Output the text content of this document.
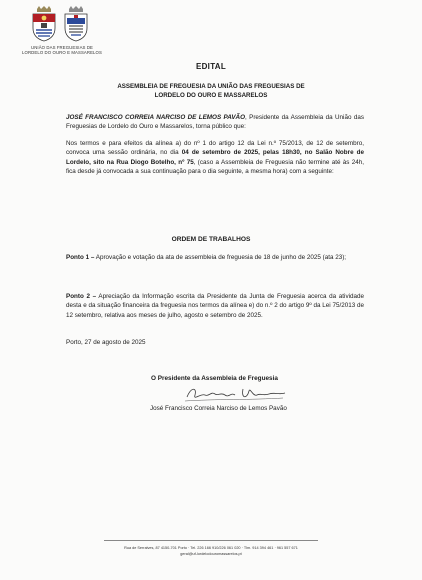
UNIÃO DAS FREGUESIAS DE
LORDELO DO OURO E MASSARELOS
EDITAL
ASSEMBLEIA DE FREGUESIA DA UNIÃO DAS FREGUESIAS DE
LORDELO DO OURO E MASSARELOS
JOSÉ FRANCISCO CORREIA NARCISO DE LEMOS PAVÃO, Presidente da Assembleia da União das Freguesias de Lordelo do Ouro e Massarelos, torna público que:
Nos termos e para efeitos da alínea a) do nº 1 do artigo 12 da Lei n.º 75/2013, de 12 de setembro, convoca uma sessão ordinária, no dia 04 de setembro de 2025, pelas 18h30, no Salão Nobre de Lordelo, sito na Rua Diogo Botelho, nº 75, (caso a Assembleia de Freguesia não termine até às 24h, fica desde já convocada a sua continuação para o dia seguinte, a mesma hora) com a seguinte:
ORDEM DE TRABALHOS
Ponto 1 – Aprovação e votação da ata de assembleia de freguesia de 18 de junho de 2025 (ata 23);
Ponto 2 – Apreciação da Informação escrita da Presidente da Junta de Freguesia acerca da atividade desta e da situação financeira da freguesia nos termos da alínea e) do n.º 2 do artigo 9º da Lei 75/2013 de 12 setembro, relativa aos meses de julho, agosto e setembro de 2025.
Porto, 27 de agosto de 2025
O Presidente da Assembleia de Freguesia
José Francisco Correia Narciso de Lemos Pavão
Rua de Serralves, 87 4150-701 Porto · Tel. 226 166 910/226 061 020 · Tlm. 914 394 461 · 961 557 671
geral@uf-lordelodouromassarelos.pt
